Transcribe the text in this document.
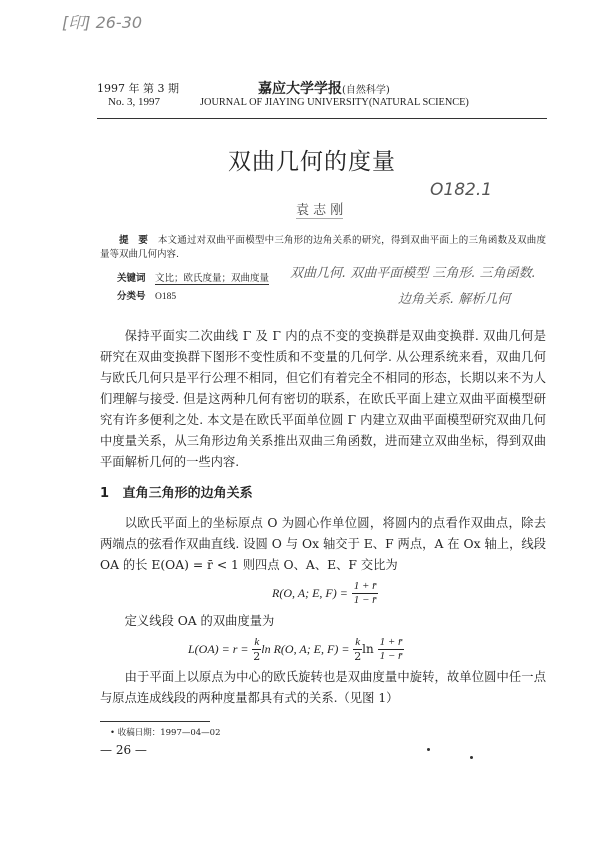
[印] 26-30
1997 年 第 3 期
No. 3, 1997
嘉应大学学报(自然科学)
JOURNAL OF JIAYING UNIVERSITY(NATURAL SCIENCE)
双曲几何的度量
O182.1
袁 志 刚
提　要　 本文通过对双曲平面模型中三角形的边角关系的研究，得到双曲平面上的三角函数及双曲度量等双曲几何内容.
关键词　 文比；欧氏度量；双曲度量 双曲几何. 双曲平面模型 三角形. 三角函数.
分类号　 O185	边角关系. 解析几何

保持平面实二次曲线 Γ 及 Γ 内的点不变的变换群是双曲变换群. 双曲几何是研究在双曲变换群下图形不变性质和不变量的几何学. 从公理系统来看，双曲几何与欧氏几何只是平行公理不相同，但它们有着完全不相同的形态，长期以来不为人们理解与接受. 但是这两种几何有密切的联系，在欧氏平面上建立双曲平面模型研究有许多便利之处. 本文是在欧氏平面单位圆 Γ 内建立双曲平面模型研究双曲几何中度量关系，从三角形边角关系推出双曲三角函数，进而建立双曲坐标，得到双曲平面解析几何的一些内容.

1 直角三角形的边角关系

以欧氏平面上的坐标原点 O 为圆心作单位圆，将圆内的点看作双曲点，除去两端点的弦看作双曲直线. 设圆 O 与 Ox 轴交于 E、F 两点，A 在 Ox 轴上，线段 OA 的长 E(OA) = r̄ < 1 则四点 O、A、E、F 交比为

R(O, A; E, $F) = \frac{1 + r̄}{1 - r̄}$

定义线段 OA 的双曲度量为

$L(OA) = r = \frac{k}{2}$ ln R(O, A; E, $F) = \frac{k}{2}$ $\ln \frac{1 + r̄}{1 - r̄}$

由于平面上以原点为中心的欧氏旋转也是双曲度量中旋转，故单位圆中任一点与原点连成线段的两种度量都具有式的关系.（见图 1）

• 收稿日期：1997—04—02
— 26 —
